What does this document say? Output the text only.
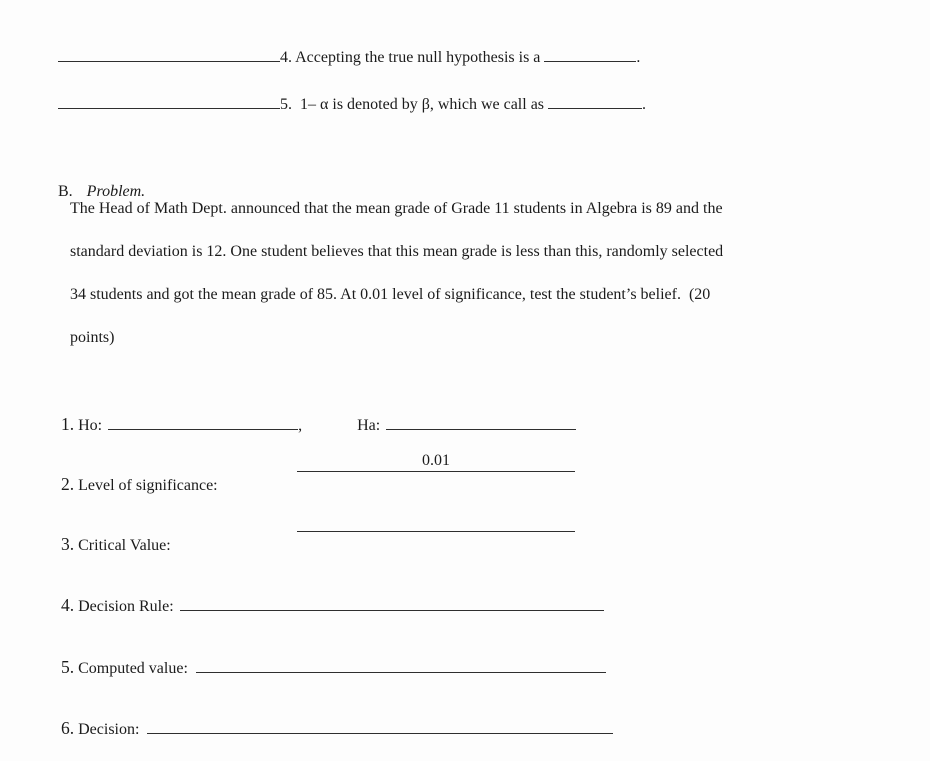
4. Accepting the true null hypothesis is a	.

5.  1– α is denoted by β, which we call as	.

B. Problem.

The Head of Math Dept. announced that the mean grade of Grade 11 students in Algebra is 89 and the
standard deviation is 12. One student believes that this mean grade is less than this, randomly selected
34 students and got the mean grade of 85. At 0.01 level of significance, test the student’s belief.  (20
points)

1. Ho:	,	Ha:

2. Level of significance:

0.01

3. Critical Value:

4. Decision Rule:

5. Computed value:

6. Decision:
